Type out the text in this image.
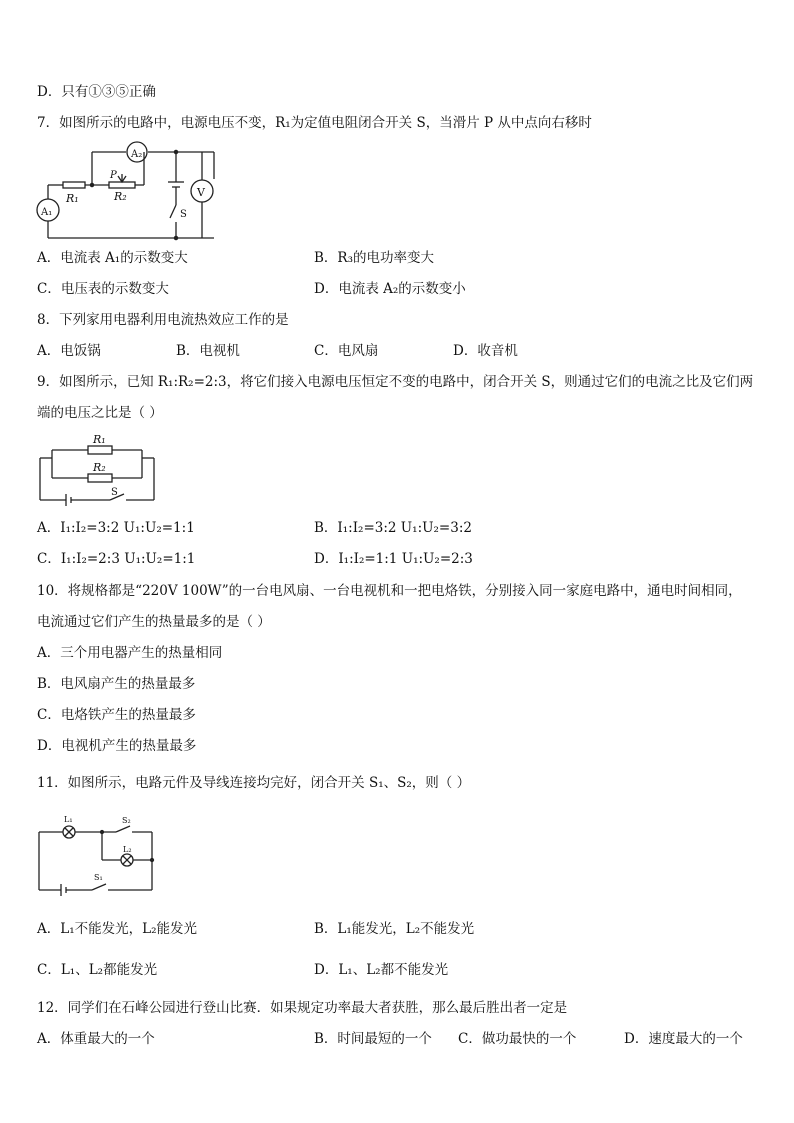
D．只有①③⑤正确
7．如图所示的电路中，电源电压不变，R₁为定值电阻闭合开关 S，当滑片 P 从中点向右移时
A₂
A₁
R₁	R₂
P
V
S
A．电流表 A₁的示数变大	B．R₃的电功率变大
C．电压表的示数变大	D．电流表 A₂的示数变小
8．下列家用电器利用电流热效应工作的是
A．电饭锅	B．电视机	C．电风扇	D．收音机
9．如图所示，已知 R₁:R₂=2:3，将它们接入电源电压恒定不变的电路中，闭合开关 S，则通过它们的电流之比及它们两
端的电压之比是（ ）
R₁
R₂
S
A．I₁:I₂=3:2 U₁:U₂=1:1	B．I₁:I₂=3:2 U₁:U₂=3:2
C．I₁:I₂=2:3 U₁:U₂=1:1	D．I₁:I₂=1:1 U₁:U₂=2:3
10．将规格都是“220V 100W”的一台电风扇、一台电视机和一把电烙铁，分别接入同一家庭电路中，通电时间相同，
电流通过它们产生的热量最多的是（ ）
A．三个用电器产生的热量相同
B．电风扇产生的热量最多
C．电烙铁产生的热量最多
D．电视机产生的热量最多
11．如图所示，电路元件及导线连接均完好，闭合开关 S₁、S₂，则（ ）
L₁	S₂
L₂
S₁
A．L₁不能发光，L₂能发光	B．L₁能发光，L₂不能发光
C．L₁、L₂都能发光	D．L₁、L₂都不能发光
12．同学们在石峰公园进行登山比赛．如果规定功率最大者获胜，那么最后胜出者一定是
A．体重最大的一个	B．时间最短的一个 C．做功最快的一个	D．速度最大的一个
